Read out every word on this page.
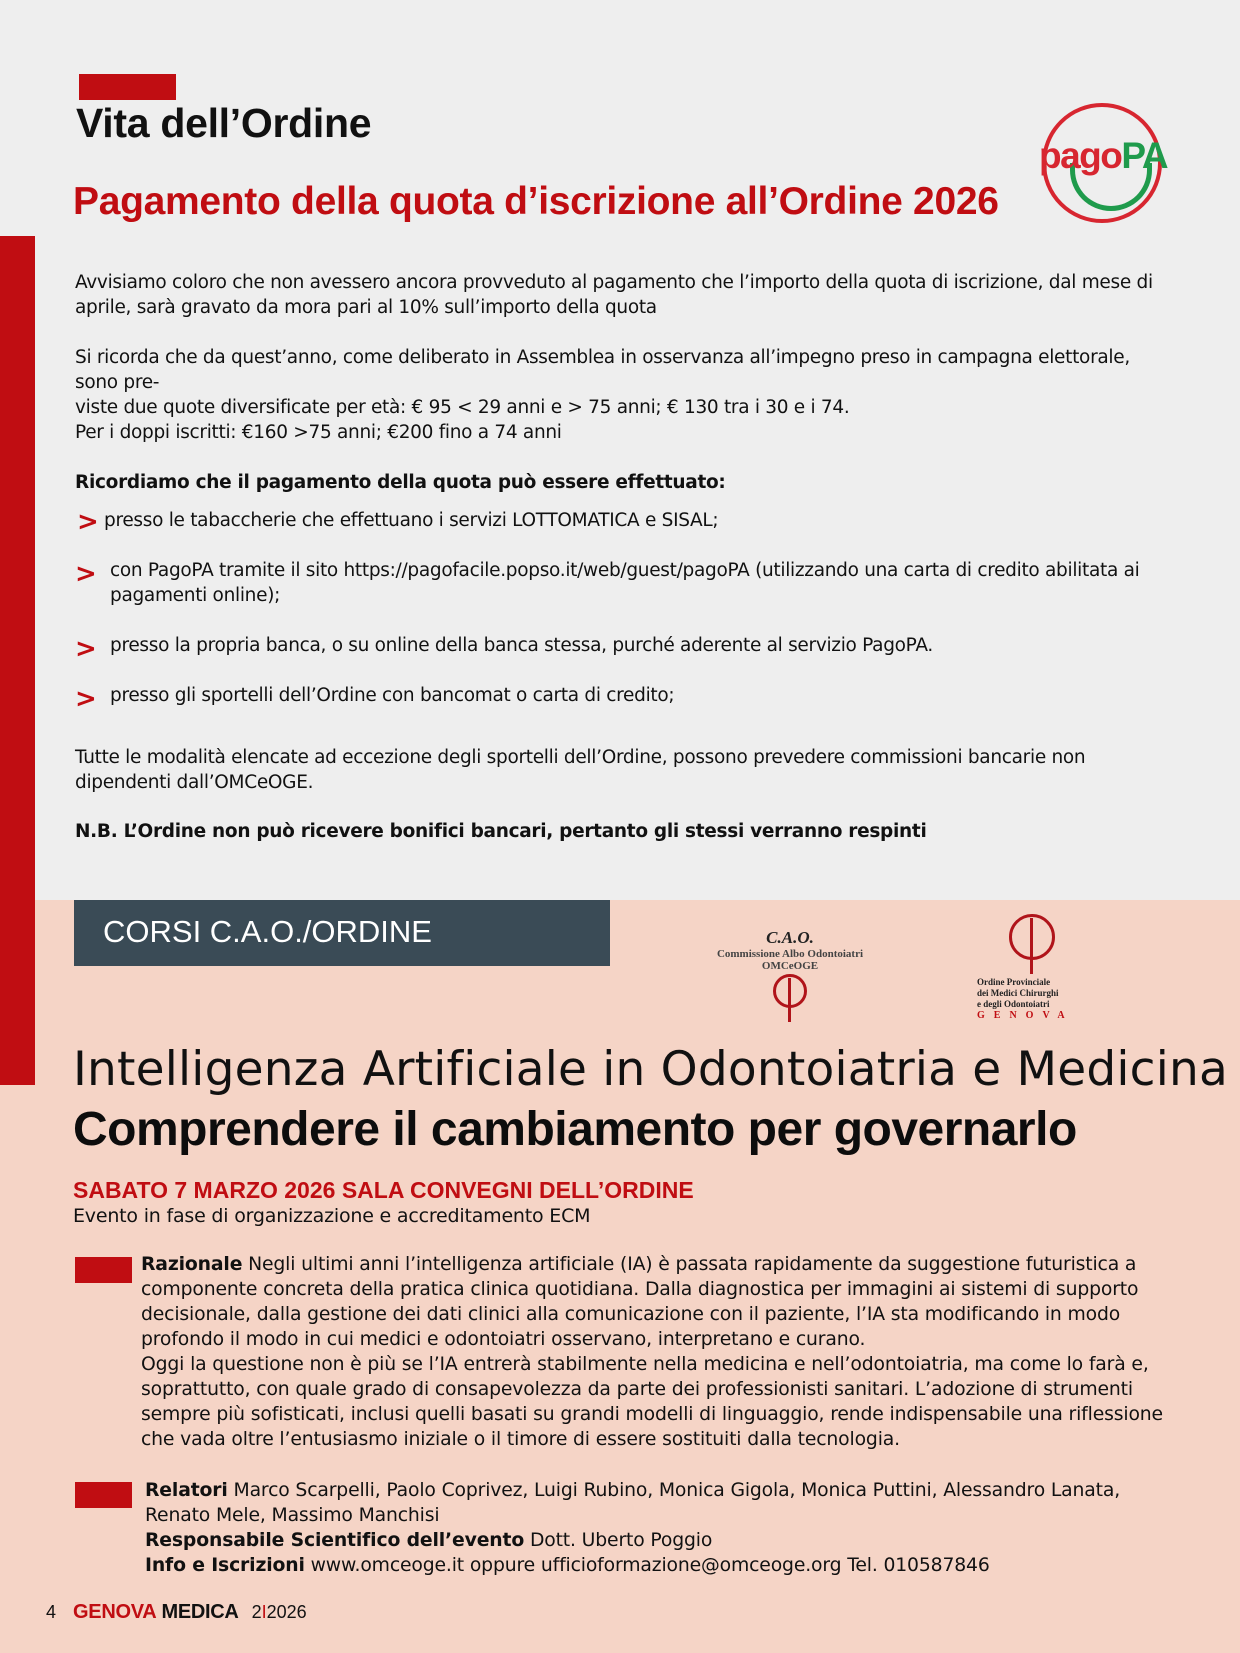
Vita dell’Ordine
Pagamento della quota d’iscrizione all’Ordine 2026
pagoPA

Avvisiamo coloro che non avessero ancora provveduto al pagamento che l’importo della quota di iscrizione, dal mese di aprile, sarà gravato da mora pari al 10% sull’importo della quota

Si ricorda che da quest’anno, come deliberato in Assemblea in osservanza all’impegno preso in campagna elettorale, sono pre-
viste due quote diversificate per età: € 95 < 29 anni e > 75 anni; € 130 tra i 30 e i 74.

Per i doppi iscritti: €160 >75 anni; €200 fino a 74 anni

Ricordiamo che il pagamento della quota può essere effettuato:

> presso le tabaccherie che effettuano i servizi LOTTOMATICA e SISAL;
> con PagoPA tramite il sito https://pagofacile.popso.it/web/guest/pagoPA (utilizzando una carta di credito abilitata ai pagamenti online);
> presso la propria banca, o su online della banca stessa, purché aderente al servizio PagoPA.
> presso gli sportelli dell’Ordine con bancomat o carta di credito;

Tutte le modalità elencate ad eccezione degli sportelli dell’Ordine, possono prevedere commissioni bancarie non dipendenti dall’OMCeOGE.

N.B. L’Ordine non può ricevere bonifici bancari, pertanto gli stessi verranno respinti

CORSI C.A.O./ORDINE	C.A.O.
Commissione Albo Odontoiatri
OMCeOGE
Ordine Provinciale
dei Medici Chirurghi
e degli Odontoiatri
GENOVA
Intelligenza Artificiale in Odontoiatria e Medicina
Comprendere il cambiamento per governarlo
SABATO 7 MARZO 2026 SALA CONVEGNI DELL’ORDINE
Evento in fase di organizzazione e accreditamento ECM
Razionale Negli ultimi anni l’intelligenza artificiale (IA) è passata rapidamente da suggestione futuristica a componente concreta della pratica clinica quotidiana. Dalla diagnostica per immagini ai sistemi di supporto decisionale, dalla gestione dei dati clinici alla comunicazione con il paziente, l’IA sta modificando in modo profondo il modo in cui medici e odontoiatri osservano, interpretano e curano.
Oggi la questione non è più se l’IA entrerà stabilmente nella medicina e nell’odontoiatria, ma come lo farà e, soprattutto, con quale grado di consapevolezza da parte dei professionisti sanitari. L’adozione di strumenti sempre più sofisticati, inclusi quelli basati su grandi modelli di linguaggio, rende indispensabile una riflessione che vada oltre l’entusiasmo iniziale o il timore di essere sostituiti dalla tecnologia.
Relatori Marco Scarpelli, Paolo Coprivez, Luigi Rubino, Monica Gigola, Monica Puttini, Alessandro Lanata, Renato Mele, Massimo Manchisi
Responsabile Scientifico dell’evento Dott. Uberto Poggio
Info e Iscrizioni www.omceoge.it oppure ufficioformazione@omceoge.org Tel. 010587846
4 GENOVA MEDICA 2I2026
